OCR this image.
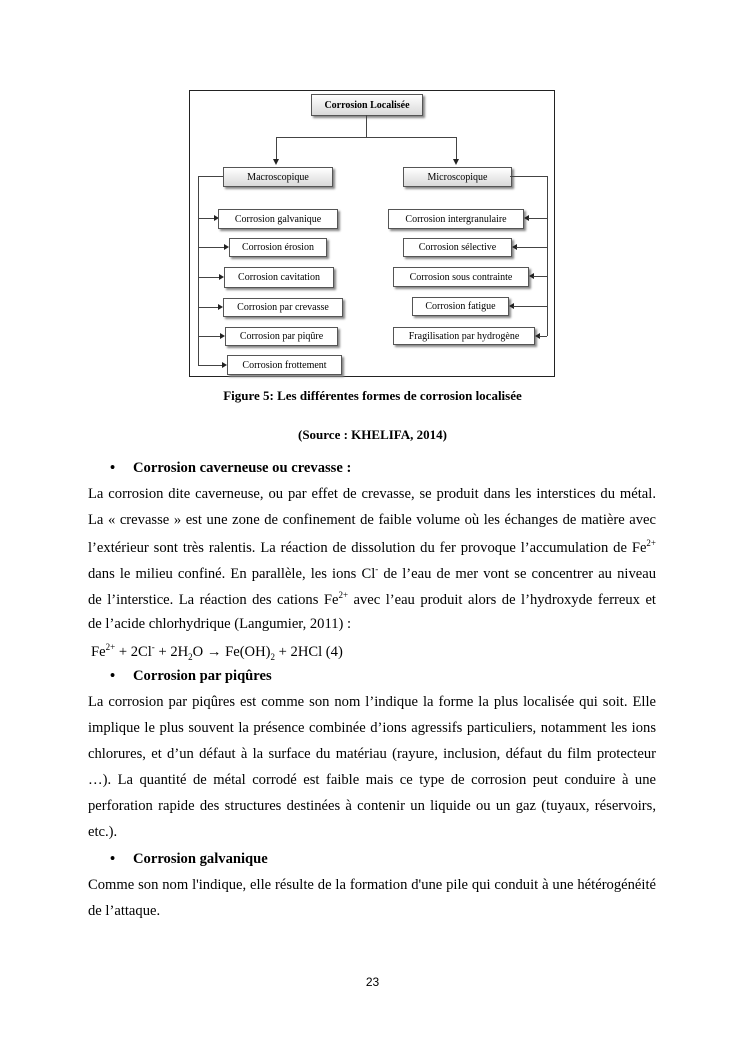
Corrosion Localisée
Macroscopique	Microscopique
Corrosion galvanique
Corrosion érosion
Corrosion cavitation
Corrosion par crevasse
Corrosion par piqûre
Corrosion frottement
Corrosion intergranulaire
Corrosion sélective
Corrosion sous contrainte
Corrosion fatigue
Fragilisation par hydrogène
Figure 5: Les différentes formes de corrosion localisée
(Source : KHELIFA, 2014)
• Corrosion caverneuse ou crevasse :
La corrosion dite caverneuse, ou par effet de crevasse, se produit dans les interstices du métal.
La « crevasse » est une zone de confinement de faible volume où les échanges de matière avec
l’extérieur sont très ralentis. La réaction de dissolution du fer provoque l’accumulation de $Fe^{2+}$
dans le milieu confiné. En parallèle, les ions Cl- de l’eau de mer vont se concentrer au niveau
de l’interstice. La réaction des cations $Fe^{2+}$ avec l’eau produit alors de l’hydroxyde ferreux et
de l’acide chlorhydrique (Langumier, 2011) :
$Fe^{2+} + 2Cl^- + 2H_2O \to Fe(OH)_2 + 2HCl$ (4)
• Corrosion par piqûres
La corrosion par piqûres est comme son nom l’indique la forme la plus localisée qui soit. Elle
implique le plus souvent la présence combinée d’ions agressifs particuliers, notamment les ions
chlorures, et d’un défaut à la surface du matériau (rayure, inclusion, défaut du film protecteur
…). La quantité de métal corrodé est faible mais ce type de corrosion peut conduire à une
perforation rapide des structures destinées à contenir un liquide ou un gaz (tuyaux, réservoirs,
etc.).
• Corrosion galvanique
Comme son nom l'indique, elle résulte de la formation d'une pile qui conduit à une hétérogénéité
de l’attaque.
23
